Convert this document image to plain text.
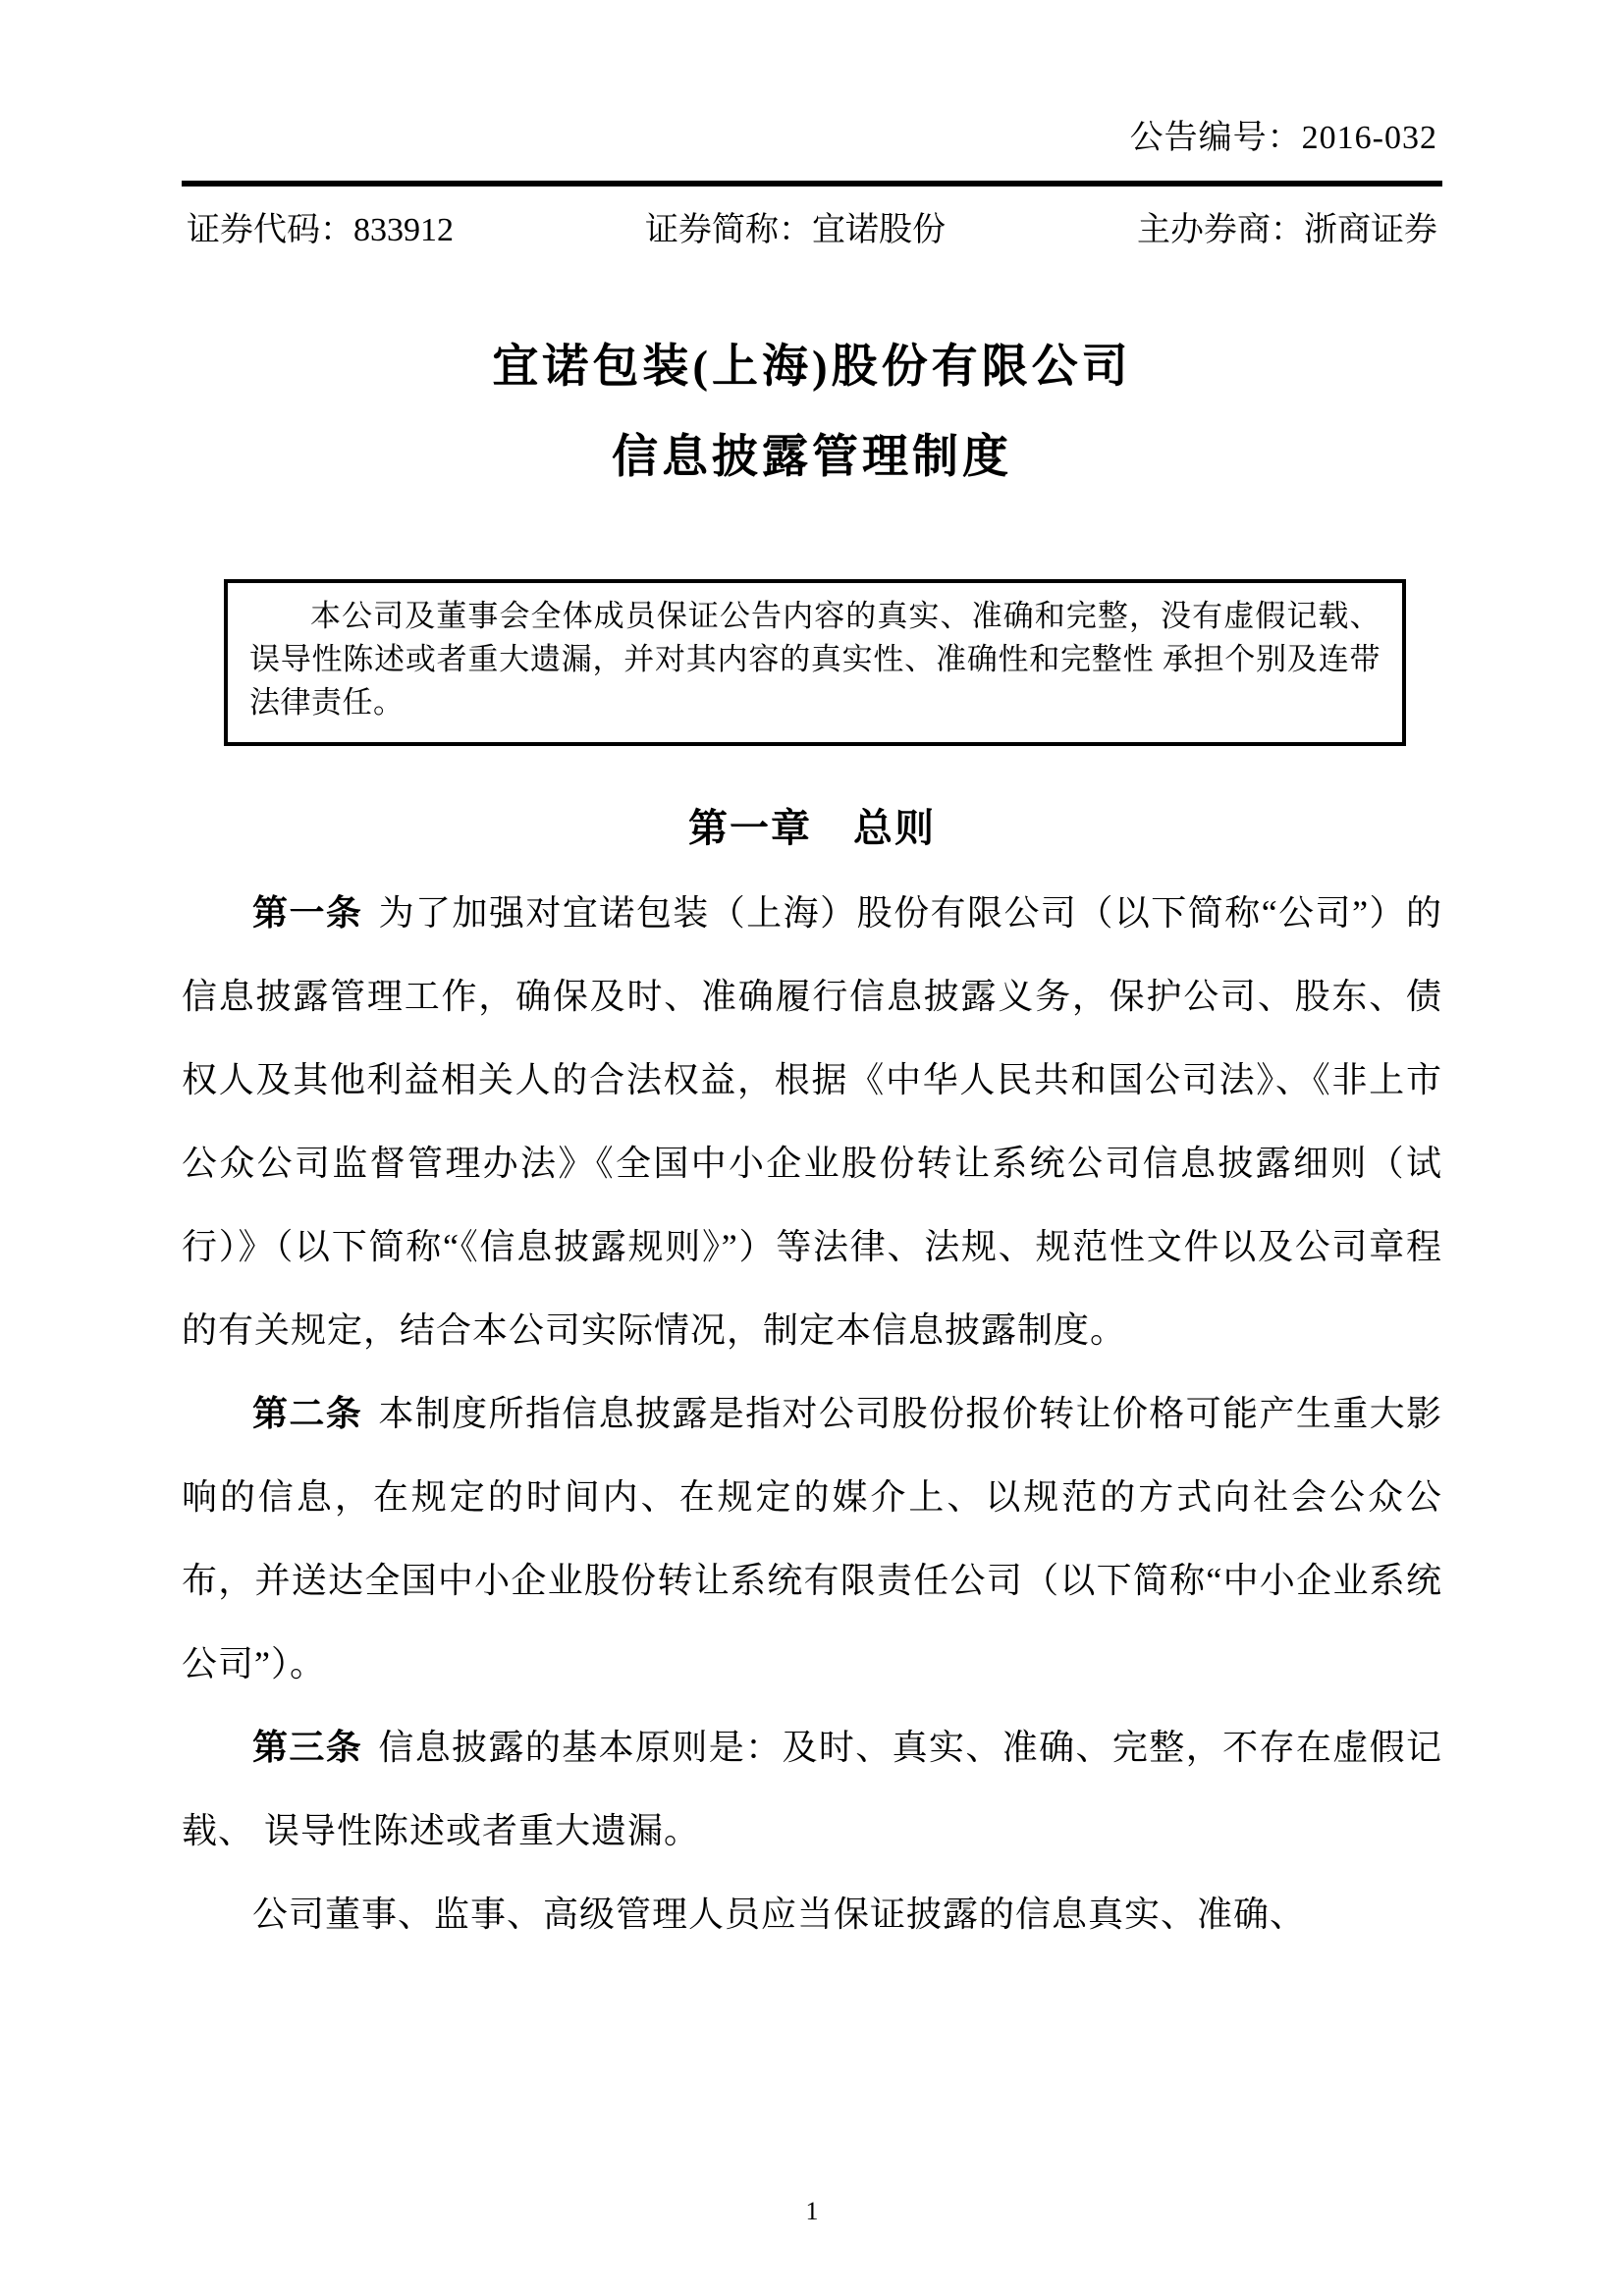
公告编号：2016-032
证券代码：833912	证券简称：宜诺股份	主办券商：浙商证券
宜诺包装(上海)股份有限公司
信息披露管理制度

本公司及董事会全体成员保证公告内容的真实、准确和完整，没有虚假记载、误导性陈述或者重大遗漏，并对其内容的真实性、准确性和完整性 承担个别及连带法律责任。

第一章　总则

第一条 为了加强对宜诺包装（上海）股份有限公司（以下简称“公司”）的信息披露管理工作，确保及时、准确履行信息披露义务，保护公司、股东、债权人及其他利益相关人的合法权益，根据《中华人民共和国公司法》、《非上市公众公司监督管理办法》《全国中小企业股份转让系统公司信息披露细则（试行）》（以下简称“《信息披露规则》”）等法律、法规、规范性文件以及公司章程的有关规定，结合本公司实际情况，制定本信息披露制度。

第二条 本制度所指信息披露是指对公司股份报价转让价格可能产生重大影响的信息，在规定的时间内、在规定的媒介上、以规范的方式向社会公众公布，并送达全国中小企业股份转让系统有限责任公司（以下简称“中小企业系统公司”）。

第三条 信息披露的基本原则是：及时、真实、准确、完整，不存在虚假记载、 误导性陈述或者重大遗漏。

公司董事、监事、高级管理人员应当保证披露的信息真实、准确、

1
